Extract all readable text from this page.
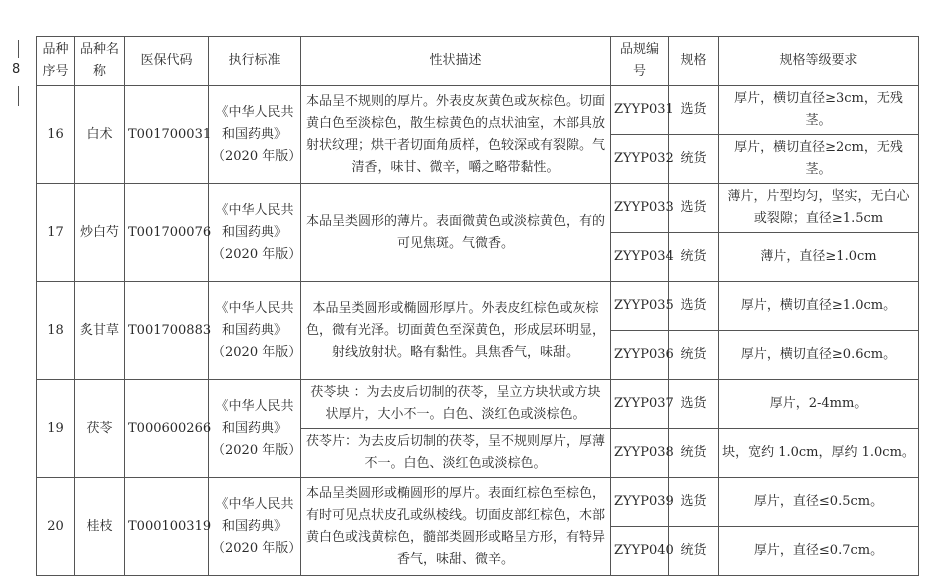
8
品种序号	品种名称	医保代码	执行标准	性状描述	品规编号	规格	规格等级要求
16	白术	T001700031	《中华人民共和国药典》（2020 年版）	本品呈不规则的厚片。外表皮灰黄色或灰棕色。切面黄白色至淡棕色，散生棕黄色的点状油室，木部具放射状纹理；烘干者切面角质样，色较深或有裂隙。气清香，味甘、微辛，嚼之略带黏性。	ZYYP031	选货	厚片，横切直径≥3cm，无残茎。
					ZYYP032	统货	厚片，横切直径≥2cm，无残茎。
17	炒白芍	T001700076	《中华人民共和国药典》（2020 年版）	本品呈类圆形的薄片。表面微黄色或淡棕黄色，有的可见焦斑。气微香。	ZYYP033	选货	薄片，片型均匀，坚实，无白心或裂隙；直径≥1.5cm
					ZYYP034	统货	薄片，直径≥1.0cm
18	炙甘草	T001700883	《中华人民共和国药典》（2020 年版）	本品呈类圆形或椭圆形厚片。外表皮红棕色或灰棕色，微有光泽。切面黄色至深黄色，形成层环明显，射线放射状。略有黏性。具焦香气，味甜。	ZYYP035	选货	厚片，横切直径≥1.0cm。
					ZYYP036	统货	厚片，横切直径≥0.6cm。
19	茯苓	T000600266	《中华人民共和国药典》（2020 年版）	茯苓块 ：为去皮后切制的茯苓，呈立方块状或方块状厚片，大小不一。白色、淡红色或淡棕色。	ZYYP037	选货	厚片，2-4mm。
				茯苓片：为去皮后切制的茯苓，呈不规则厚片，厚薄不一。白色、淡红色或淡棕色。	ZYYP038	统货	块，宽约 1.0cm，厚约 1.0cm。
20	桂枝	T000100319	《中华人民共和国药典》（2020 年版）	本品呈类圆形或椭圆形的厚片。表面红棕色至棕色，有时可见点状皮孔或纵棱线。切面皮部红棕色，木部黄白色或浅黄棕色，髓部类圆形或略呈方形，有特异香气，味甜、微辛。	ZYYP039	选货	厚片，直径≤0.5cm。
					ZYYP040	统货	厚片，直径≤0.7cm。
